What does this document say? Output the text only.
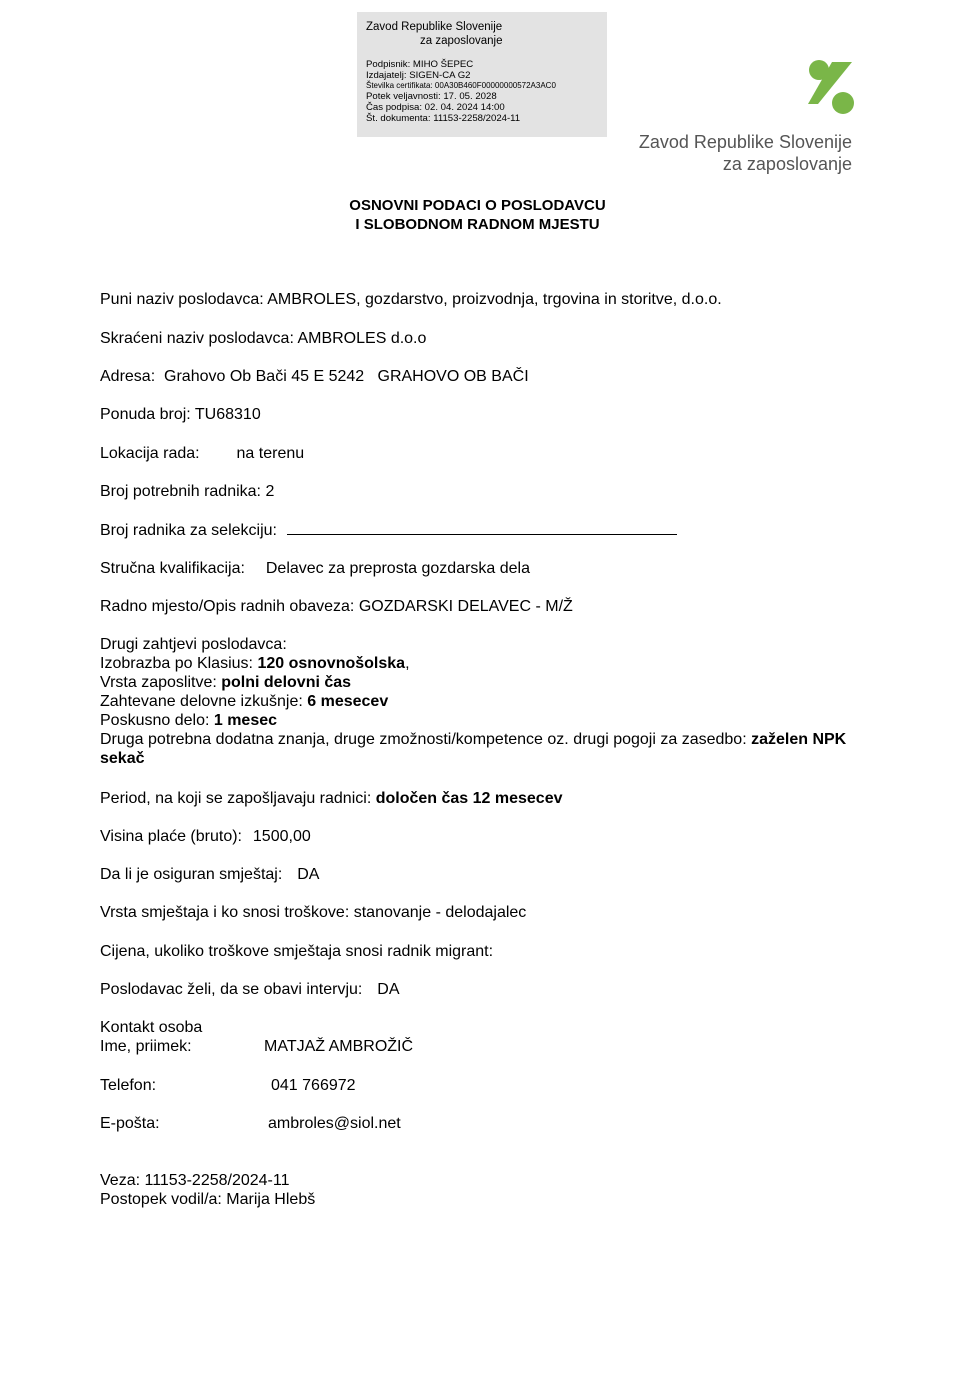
Zavod Republike Slovenije
za zaposlovanje
Podpisnik: MIHO ŠEPEC
Izdajatelj: SIGEN-CA G2
Številka certifikata: 00A30B460F00000000572A3AC0
Potek veljavnosti: 17. 05. 2028
Čas podpisa: 02. 04. 2024 14:00
Št. dokumenta: 11153-2258/2024-11
Zavod Republike Slovenije
za zaposlovanje
OSNOVNI PODACI O POSLODAVCU
I SLOBODNOM RADNOM MJESTU
Puni naziv poslodavca: AMBROLES, gozdarstvo, proizvodnja, trgovina in storitve, d.o.o.
Skraćeni naziv poslodavca: AMBROLES d.o.o
Adresa: Grahovo Ob Bači 45 E 5242   GRAHOVO OB BAČI
Ponuda broj: TU68310
Lokacija rada: na terenu
Broj potrebnih radnika: 2
Broj radnika za selekciju:
Stručna kvalifikacija: Delavec za preprosta gozdarska dela
Radno mjesto/Opis radnih obaveza: GOZDARSKI DELAVEC - M/Ž
Drugi zahtjevi poslodavca:
Izobrazba po Klasius: 120 osnovnošolska,
Vrsta zaposlitve: polni delovni čas
Zahtevane delovne izkušnje: 6 mesecev
Poskusno delo: 1 mesec
Druga potrebna dodatna znanja, druge zmožnosti/kompetence oz. drugi pogoji za zasedbo: zaželen NPK sekač
Period, na koji se zapošljavaju radnici: določen čas 12 mesecev
Visina plaće (bruto): 1500,00
Da li je osiguran smještaj: DA
Vrsta smještaja i ko snosi troškove: stanovanje - delodajalec
Cijena, ukoliko troškove smještaja snosi radnik migrant:
Poslodavac želi, da se obavi intervju: DA
Kontakt osoba
Ime, priimek:	MATJAŽ AMBROŽIČ
Telefon:	041 766972
E-pošta:	ambroles@siol.net
Veza: 11153-2258/2024-11
Postopek vodil/a: Marija Hlebš
